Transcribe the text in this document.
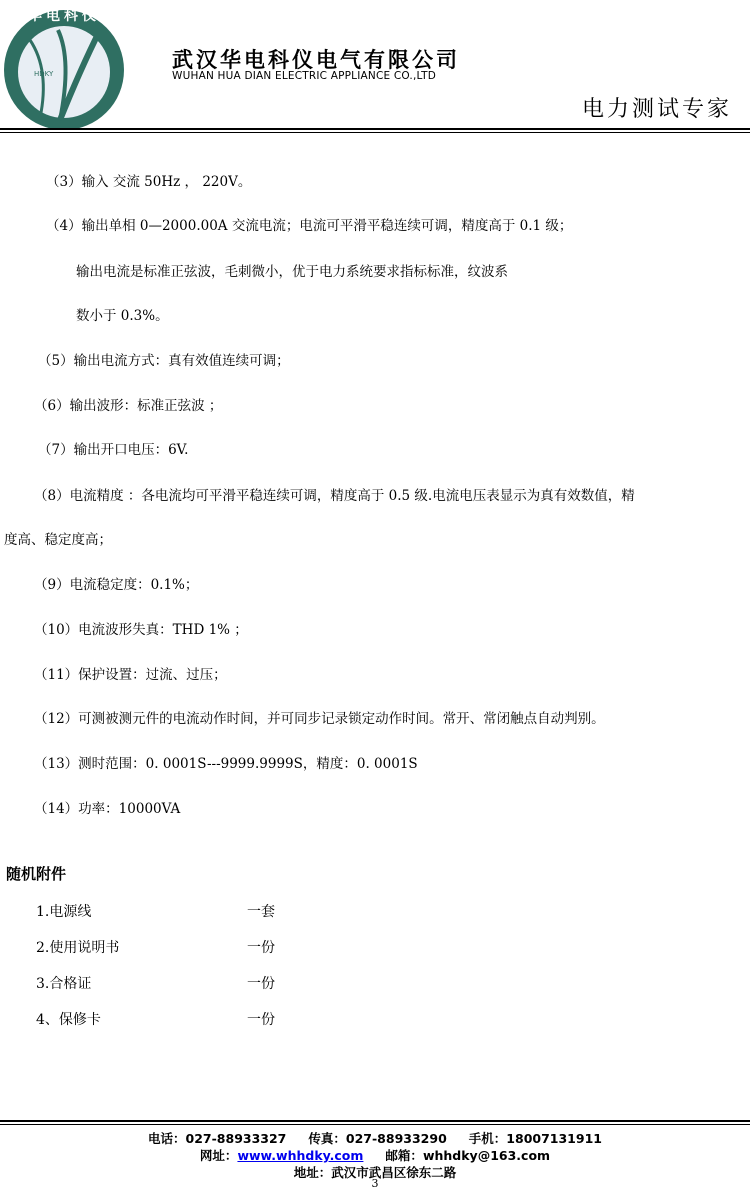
华电科仪
HDKY
武汉华电科仪电气有限公司
WUHAN HUA DIAN ELECTRIC APPLIANCE CO.,LTD
电力测试专家
（3）输入 交流 50Hz ， 220V。
（4）输出单相 0—2000.00A 交流电流；电流可平滑平稳连续可调，精度高于 0.1 级；
输出电流是标准正弦波，毛刺微小，优于电力系统要求指标标准，纹波系
数小于 0.3%。
（5）输出电流方式：真有效值连续可调；
（6）输出波形：标准正弦波 ；
（7）输出开口电压：6V.
（8）电流精度 ：各电流均可平滑平稳连续可调，精度高于 0.5 级.电流电压表显示为真有效数值，精
度高、稳定度高；
（9）电流稳定度：0.1%；
（10）电流波形失真：THD 1% ；
（11）保护设置：过流、过压；
（12）可测被测元件的电流动作时间，并可同步记录锁定动作时间。常开、常闭触点自动判别。
（13）测时范围：0. 0001S---9999.9999S，精度：0. 0001S
（14）功率：10000VA
随机附件
1.电源线	一套
2.使用说明书	一份
3.合格证	一份
4、保修卡	一份
电话：027-88933327 传真：027-88933290 手机：18007131911
网址：www.whhdky.com 邮箱：whhdky@163.com
地址：武汉市武昌区徐东二路
3
